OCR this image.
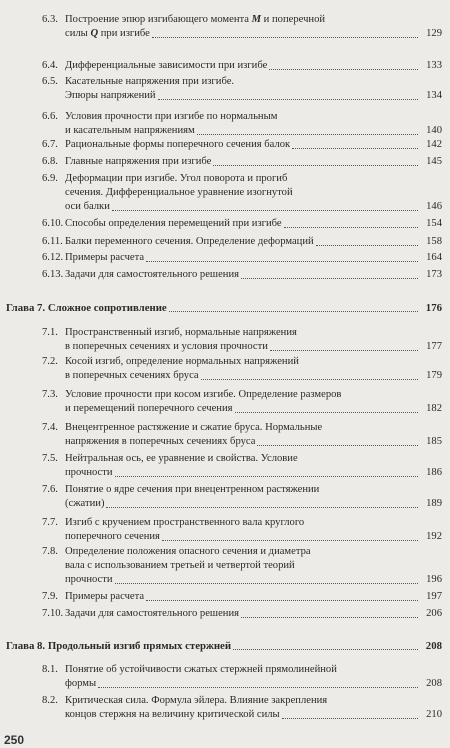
6.3. Построение эпюр изгибающего момента M и поперечной
силы Q при изгибе	129
6.4. Дифференциальные зависимости при изгибе	133
6.5. Касательные напряжения при изгибе.
Эпюры напряжений	134
6.6. Условия прочности при изгибе по нормальным
и касательным напряжениям	140
6.7. Рациональные формы поперечного сечения балок	142
6.8. Главные напряжения при изгибе	145
6.9. Деформации при изгибе. Угол поворота и прогиб
сечения. Дифференциальное уравнение изогнутой
оси балки	146
6.10. Способы определения перемещений при изгибе	154
6.11. Балки переменного сечения. Определение деформаций	158
6.12. Примеры расчета	164
6.13. Задачи для самостоятельного решения	173
Глава 7. Сложное сопротивление	176
7.1. Пространственный изгиб, нормальные напряжения
в поперечных сечениях и условия прочности	177
7.2. Косой изгиб, определение нормальных напряжений
в поперечных сечениях бруса	179
7.3. Условие прочности при косом изгибе. Определение размеров
и перемещений поперечного сечения	182
7.4. Внецентренное растяжение и сжатие бруса. Нормальные
напряжения в поперечных сечениях бруса	185
7.5. Нейтральная ось, ее уравнение и свойства. Условие
прочности	186
7.6. Понятие о ядре сечения при внецентренном растяжении
(сжатии)	189
7.7. Изгиб с кручением пространственного вала круглого
поперечного сечения	192
7.8. Определение положения опасного сечения и диаметра
вала с использованием третьей и четвертой теорий
прочности	196
7.9. Примеры расчета	197
7.10. Задачи для самостоятельного решения	206
Глава 8. Продольный изгиб прямых стержней	208
8.1. Понятие об устойчивости сжатых стержней прямолинейной
формы	208
8.2. Критическая сила. Формула эйлера. Влияние закрепления
концов стержня на величину критической силы	210
250
